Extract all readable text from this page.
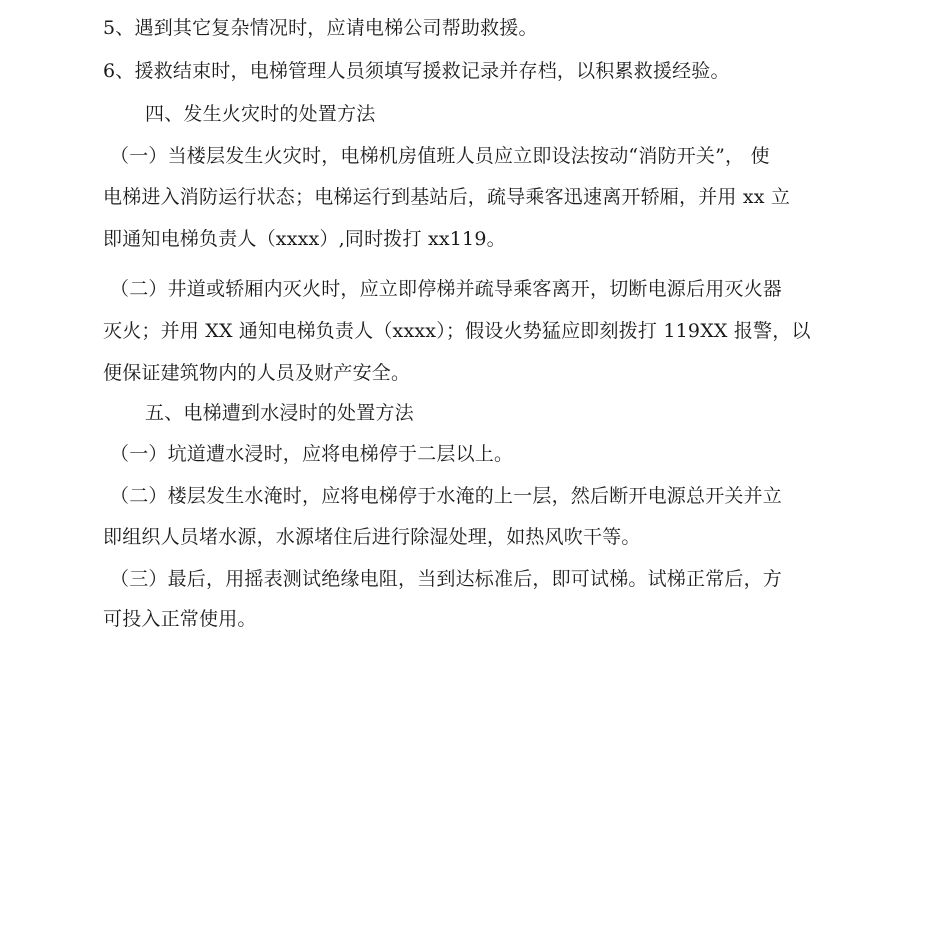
5、遇到其它复杂情况时，应请电梯公司帮助救援。
6、援救结束时，电梯管理人员须填写援救记录并存档，以积累救援经验。
四、发生火灾时的处置方法
（一）当楼层发生火灾时，电梯机房值班人员应立即设法按动“消防开关”， 使
电梯进入消防运行状态；电梯运行到基站后，疏导乘客迅速离开轿厢，并用 xx 立
即通知电梯负责人（xxxx）,同时拨打 xx119。
（二）井道或轿厢内灭火时，应立即停梯并疏导乘客离开，切断电源后用灭火器
灭火；并用 XX 通知电梯负责人（xxxx）；假设火势猛应即刻拨打 119XX 报警，以
便保证建筑物内的人员及财产安全。
五、电梯遭到水浸时的处置方法
（一）坑道遭水浸时，应将电梯停于二层以上。
（二）楼层发生水淹时，应将电梯停于水淹的上一层，然后断开电源总开关并立
即组织人员堵水源，水源堵住后进行除湿处理，如热风吹干等。
（三）最后，用摇表测试绝缘电阻，当到达标准后，即可试梯。试梯正常后，方
可投入正常使用。
